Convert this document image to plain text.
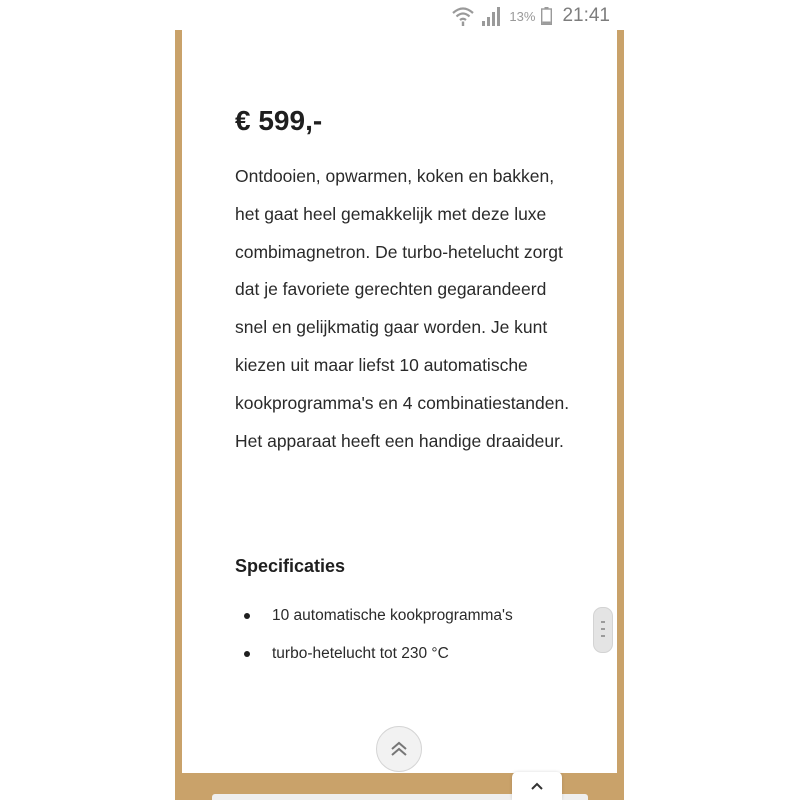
13% 21:41
€ 599,-

Ontdooien, opwarmen, koken en bakken, het gaat heel gemakkelijk met deze luxe combimagnetron. De turbo-hetelucht zorgt dat je favoriete gerechten gegarandeerd snel en gelijkmatig gaar worden. Je kunt kiezen uit maar liefst 10 automatische kookprogramma's en 4 combinatiestanden. Het apparaat heeft een handige draaideur.

Specificaties
10 automatische kookprogramma's
turbo-hetelucht tot 230 °C
